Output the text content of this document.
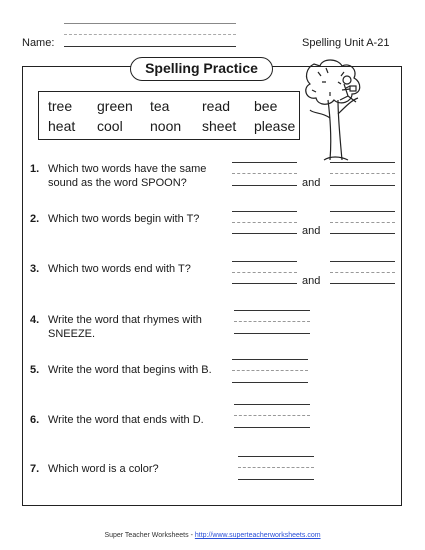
Name:	Spelling Unit A-21
Spelling Practice
tree green tea read bee
heat cool noon sheet please
1. Which two words have the same sound as the word SPOON?	and
2. Which two words begin with T?
and
3. Which two words end with T?
and
4. Write the word that rhymes with SNEEZE.
5. Write the word that begins with B.
6. Write the word that ends with D.
7. Which word is a color?
Super Teacher Worksheets - http://www.superteacherworksheets.com
